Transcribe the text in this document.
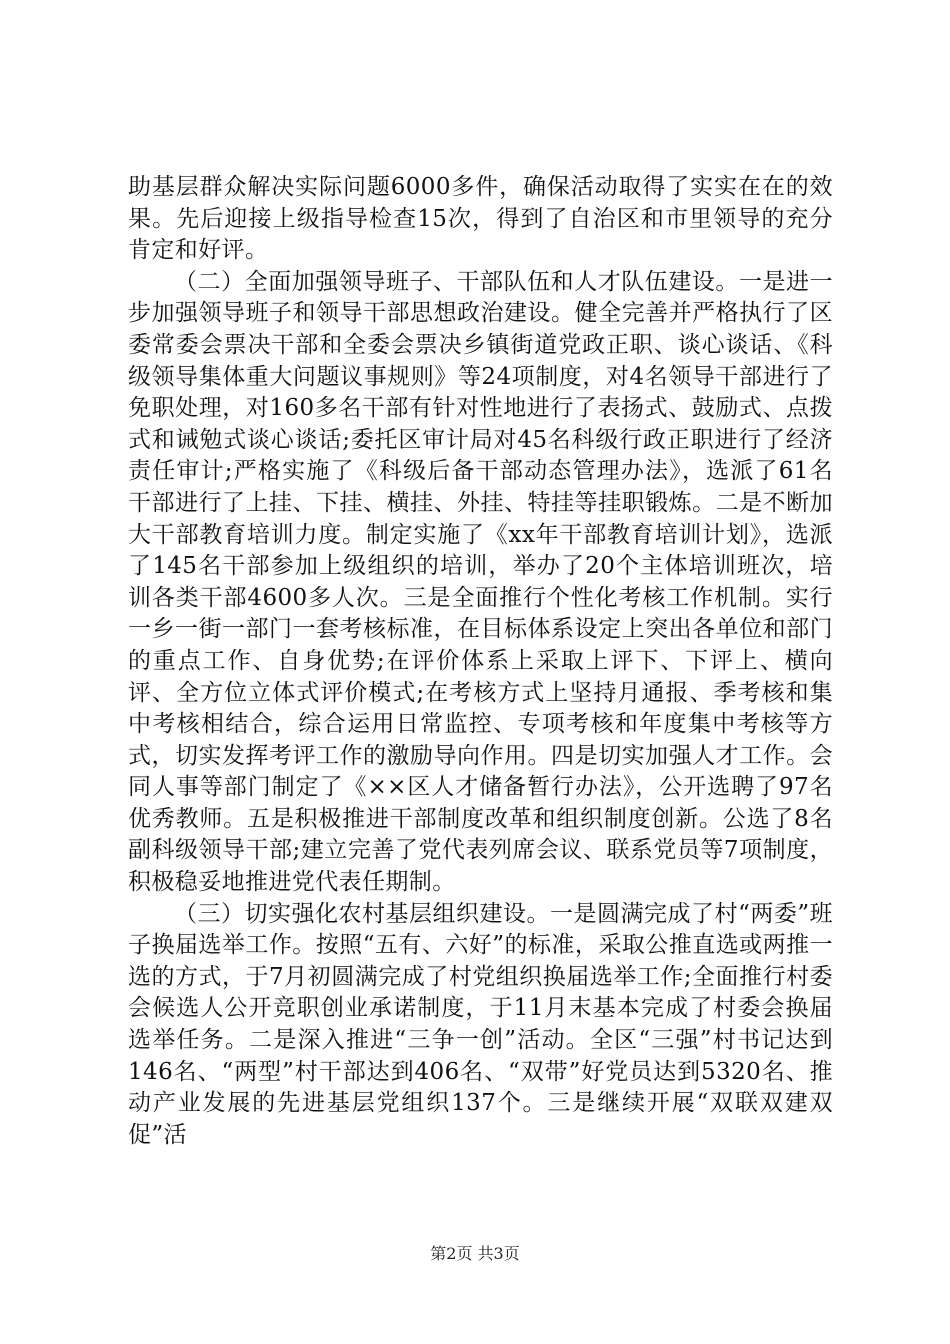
助基层群众解决实际问题6000多件，确保活动取得了实实在在的效果。先后迎接上级指导检查15次，得到了自治区和市里领导的充分肯定和好评。

（二）全面加强领导班子、干部队伍和人才队伍建设。一是进一步加强领导班子和领导干部思想政治建设。健全完善并严格执行了区委常委会票决干部和全委会票决乡镇街道党政正职、谈心谈话、《科级领导集体重大问题议事规则》等24项制度，对4名领导干部进行了免职处理，对160多名干部有针对性地进行了表扬式、鼓励式、点拨式和诫勉式谈心谈话;委托区审计局对45名科级行政正职进行了经济责任审计;严格实施了《科级后备干部动态管理办法》，选派了61名干部进行了上挂、下挂、横挂、外挂、特挂等挂职锻炼。二是不断加大干部教育培训力度。制定实施了《xx年干部教育培训计划》，选派了145名干部参加上级组织的培训，举办了20个主体培训班次，培训各类干部4600多人次。三是全面推行个性化考核工作机制。实行一乡一街一部门一套考核标准，在目标体系设定上突出各单位和部门的重点工作、自身优势;在评价体系上采取上评下、下评上、横向评、全方位立体式评价模式;在考核方式上坚持月通报、季考核和集中考核相结合，综合运用日常监控、专项考核和年度集中考核等方式，切实发挥考评工作的激励导向作用。四是切实加强人才工作。会同人事等部门制定了《××区人才储备暂行办法》，公开选聘了97名优秀教师。五是积极推进干部制度改革和组织制度创新。公选了8名副科级领导干部;建立完善了党代表列席会议、联系党员等7项制度，积极稳妥地推进党代表任期制。

（三）切实强化农村基层组织建设。一是圆满完成了村“两委”班子换届选举工作。按照“五有、六好”的标准，采取公推直选或两推一选的方式，于7月初圆满完成了村党组织换届选举工作;全面推行村委会候选人公开竞职创业承诺制度，于11月末基本完成了村委会换届选举任务。二是深入推进“三争一创”活动。全区“三强”村书记达到146名、“两型”村干部达到406名、“双带”好党员达到5320名、推动产业发展的先进基层党组织137个。三是继续开展“双联双建双促”活

第2页 共3页
